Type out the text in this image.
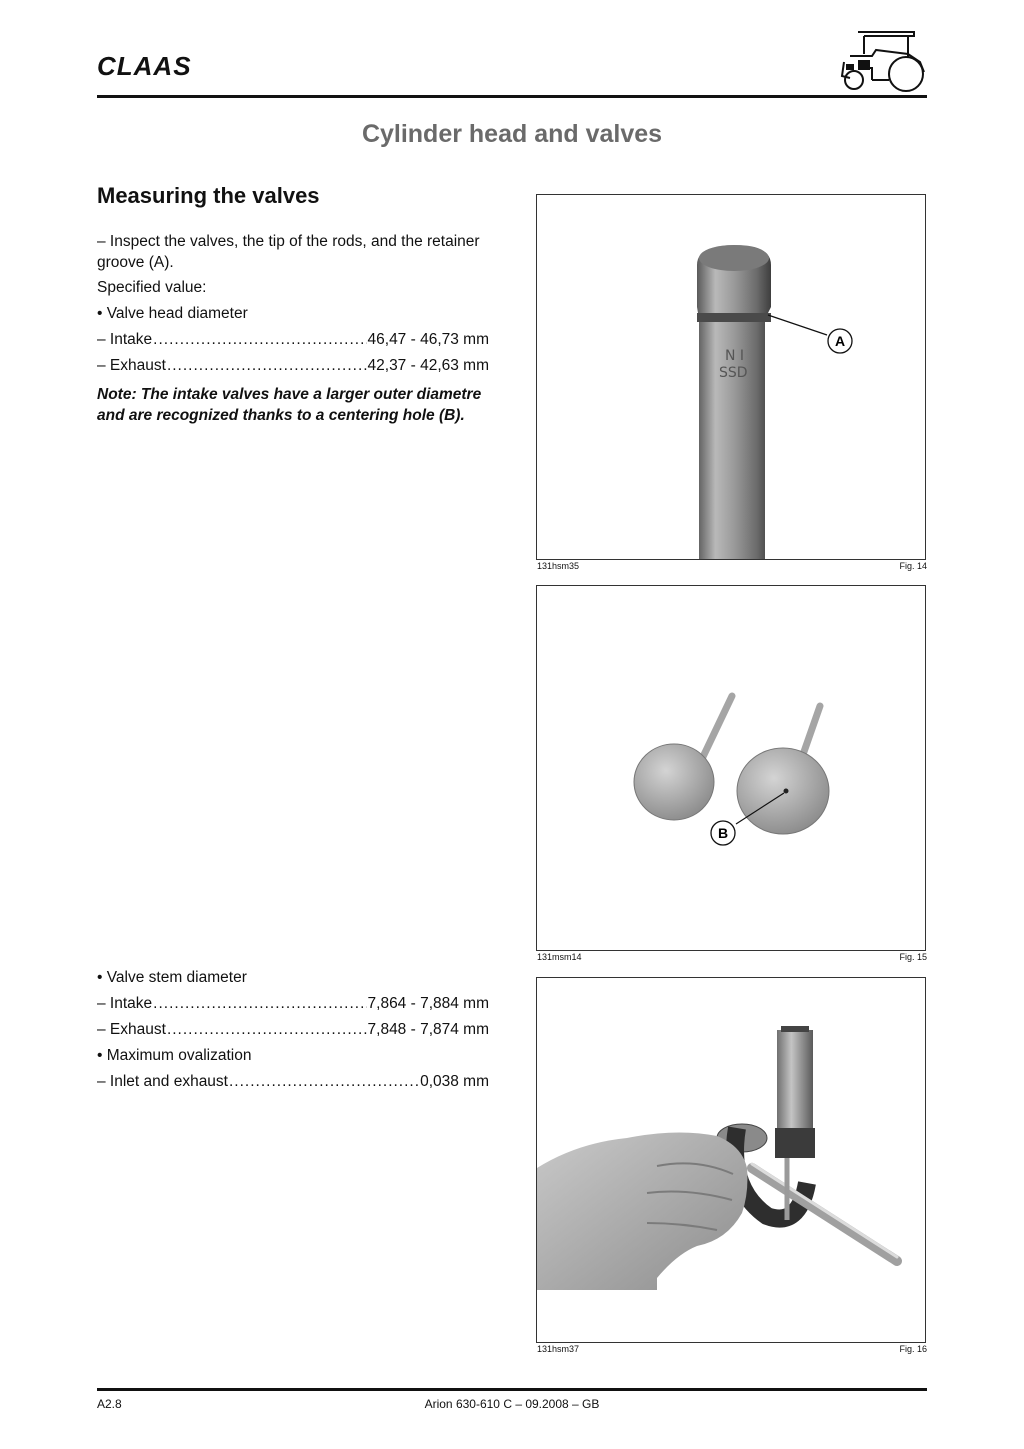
CLAAS
Cylinder head and valves
Measuring the valves
– Inspect the valves, the tip of the rods, and the retainer groove (A).
Specified value:
• Valve head diameter
– Intake .....	46,47 - 46,73 mm
– Exhaust .....	42,37 - 42,63 mm
Note: The intake valves have a larger outer diametre and are recognized thanks to a centering hole (B).
• Valve stem diameter
– Intake .....	7,864 - 7,884 mm
– Exhaust .....	7,848 - 7,874 mm
• Maximum ovalization
– Inlet and exhaust .....	0,038 mm
N I
SSD
A
131hsm35	Fig. 14
B
131msm14	Fig. 15
131hsm37	Fig. 16
A2.8	Arion 630-610 C – 09.2008 – GB
